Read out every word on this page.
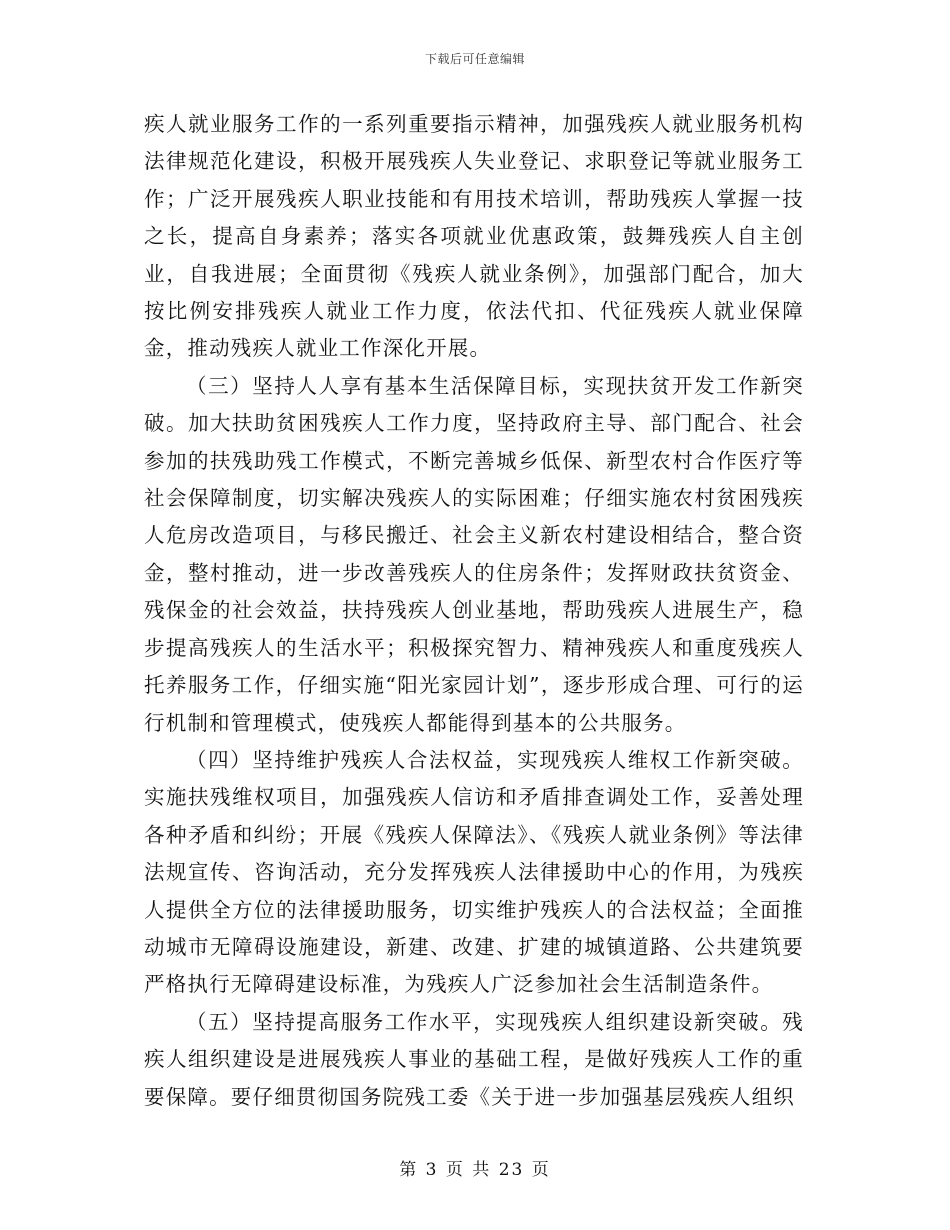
下载后可任意编辑

疾人就业服务工作的一系列重要指示精神，加强残疾人就业服务机构法律规范化建设，积极开展残疾人失业登记、求职登记等就业服务工作；广泛开展残疾人职业技能和有用技术培训，帮助残疾人掌握一技之长，提高自身素养；落实各项就业优惠政策，鼓舞残疾人自主创业，自我进展；全面贯彻《残疾人就业条例》，加强部门配合，加大按比例安排残疾人就业工作力度，依法代扣、代征残疾人就业保障金，推动残疾人就业工作深化开展。

（三）坚持人人享有基本生活保障目标，实现扶贫开发工作新突破。加大扶助贫困残疾人工作力度，坚持政府主导、部门配合、社会参加的扶残助残工作模式，不断完善城乡低保、新型农村合作医疗等社会保障制度，切实解决残疾人的实际困难；仔细实施农村贫困残疾人危房改造项目，与移民搬迁、社会主义新农村建设相结合，整合资金，整村推动，进一步改善残疾人的住房条件；发挥财政扶贫资金、残保金的社会效益，扶持残疾人创业基地，帮助残疾人进展生产，稳步提高残疾人的生活水平；积极探究智力、精神残疾人和重度残疾人托养服务工作，仔细实施“阳光家园计划”，逐步形成合理、可行的运行机制和管理模式，使残疾人都能得到基本的公共服务。

（四）坚持维护残疾人合法权益，实现残疾人维权工作新突破。实施扶残维权项目，加强残疾人信访和矛盾排查调处工作，妥善处理各种矛盾和纠纷；开展《残疾人保障法》、《残疾人就业条例》等法律法规宣传、咨询活动，充分发挥残疾人法律援助中心的作用，为残疾人提供全方位的法律援助服务，切实维护残疾人的合法权益；全面推动城市无障碍设施建设，新建、改建、扩建的城镇道路、公共建筑要严格执行无障碍建设标准，为残疾人广泛参加社会生活制造条件。

（五）坚持提高服务工作水平，实现残疾人组织建设新突破。残疾人组织建设是进展残疾人事业的基础工程，是做好残疾人工作的重要保障。要仔细贯彻国务院残工委《关于进一步加强基层残疾人组织

第 3 页 共 23 页
